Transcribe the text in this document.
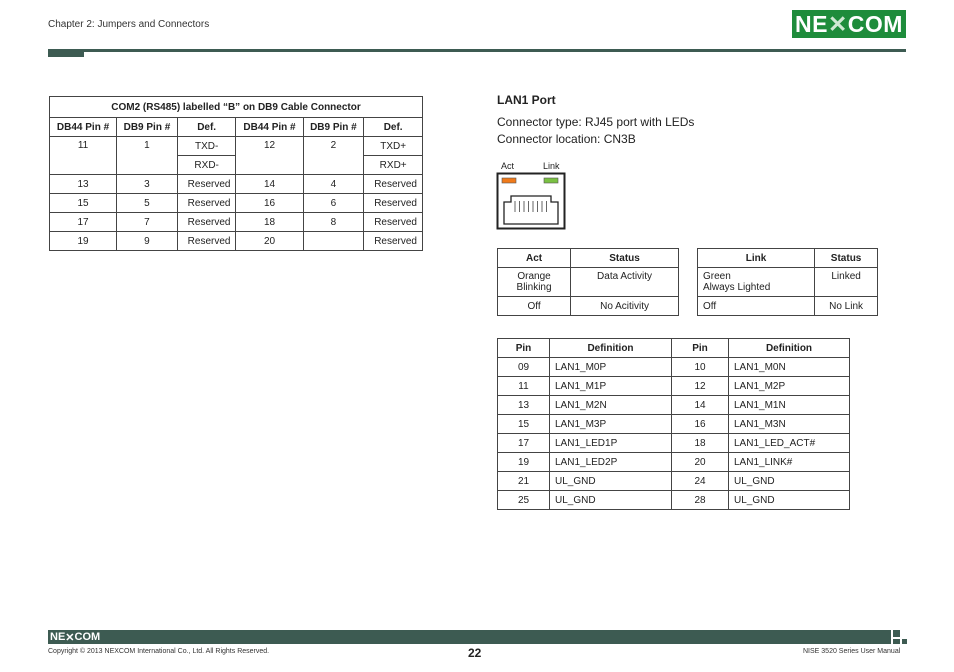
Chapter 2: Jumpers and Connectors	NE ✕ COM
COM2 (RS485) labelled “B” on DB9 Cable Connector					
DB44 Pin #	DB9 Pin #	Def.	DB44 Pin #	DB9 Pin #	Def.
11	1	TXD-	12	2	TXD+
		RXD-			RXD+
13	3	Reserved	14	4	Reserved
15	5	Reserved	16	6	Reserved
17	7	Reserved	18	8	Reserved
19	9	Reserved	20		Reserved
LAN1 Port
Connector type: RJ45 port with LEDs
Connector location: CN3B
Act	Link
Act	Status

Orange
Blinking	Data Activity
Off	No Acitivity
Link	Status

Green
Always Lighted	Linked
Off	No Link
Pin	Definition	Pin	Definition
09	LAN1_M0P	10	LAN1_M0N
11	LAN1_M1P	12	LAN1_M2P
13	LAN1_M2N	14	LAN1_M1N
15	LAN1_M3P	16	LAN1_M3N
17	LAN1_LED1P	18	LAN1_LED_ACT#
19	LAN1_LED2P	20	LAN1_LINK#
21	UL_GND	24	UL_GND
25	UL_GND	28	UL_GND
NE ✕ COM
Copyright © 2013 NEXCOM International Co., Ltd. All Rights Reserved.	22	NISE 3520 Series User Manual
